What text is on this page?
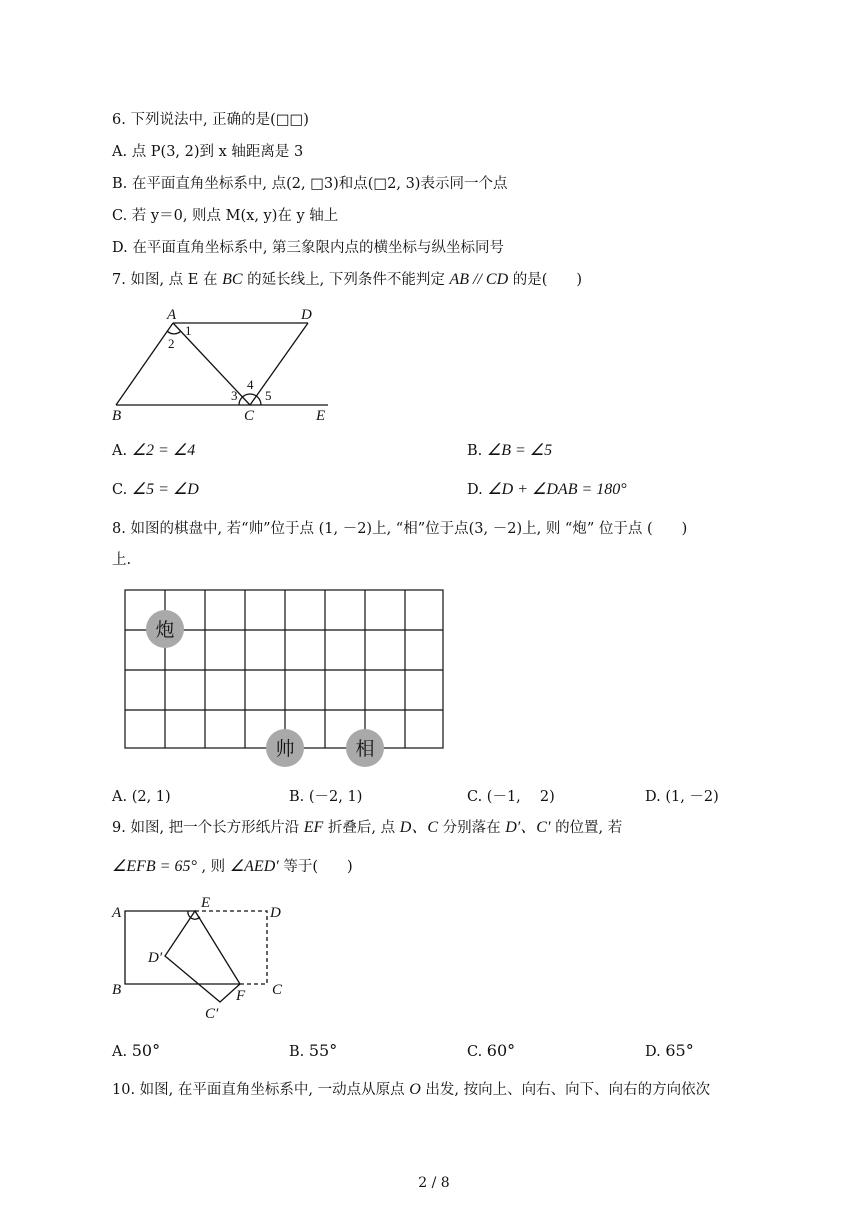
6. 下列说法中, 正确的是(□□)
A. 点 P(3, 2)到 x 轴距离是 3
B. 在平面直角坐标系中, 点(2, □3)和点(□2, 3)表示同一个点
C. 若 y＝0, 则点 M(x, y)在 y 轴上
D. 在平面直角坐标系中, 第三象限内点的横坐标与纵坐标同号
7. 如图, 点 E 在 BC 的延长线上, 下列条件不能判定 AB // CD 的是(  )
A	D
B	C	E
1
2
3
4
5
A. ∠2 = ∠4	B. ∠B = ∠5
C. ∠5 = ∠D	D. ∠D + ∠DAB = 180°
8. 如图的棋盘中, 若“帅”位于点 (1, －2)上, “相”位于点(3, －2)上, 则 “炮” 位于点 (  )
上.
炮
帅	相
A. (2, 1)	B. (－2, 1)	C. (－1,  2)	D. (1, －2)
9. 如图, 把一个长方形纸片沿 EF 折叠后, 点 D、C 分别落在 D′、C′ 的位置, 若
∠EFB = 65° , 则 ∠AED′ 等于(  )
A
E
D
D′
B	F C
C′
A. 50°	B. 55°	C. 60°	D. 65°
10. 如图, 在平面直角坐标系中, 一动点从原点 O 出发, 按向上、向右、向下、向右的方向依次
2 / 8
